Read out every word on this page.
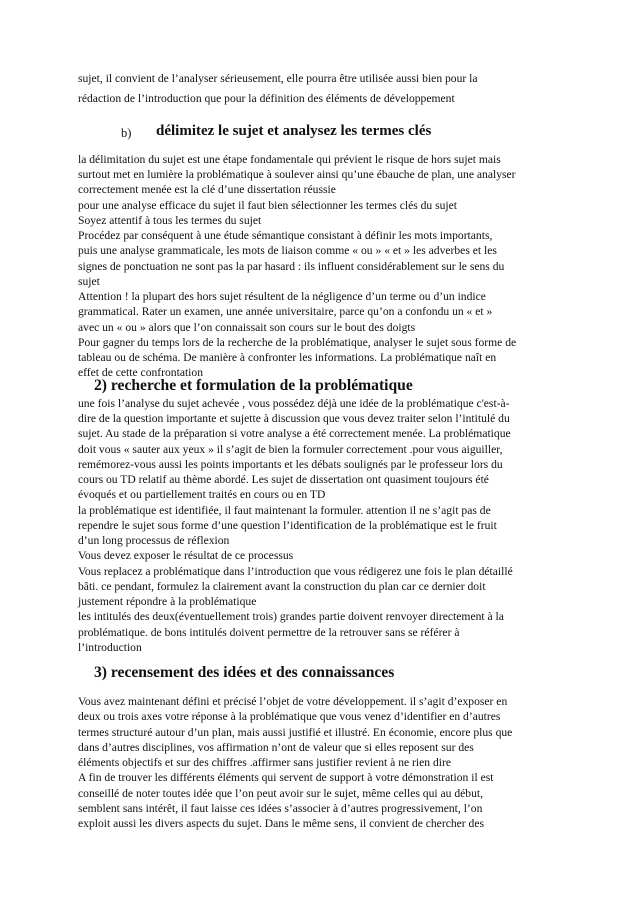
sujet, il convient de l’analyser sérieusement, elle pourra être utilisée aussi bien pour la
rédaction de l’introduction que pour la définition des éléments de développement
b) délimitez le sujet et analysez les termes clés
la délimitation du sujet est une étape fondamentale qui prévient le risque de hors sujet mais
surtout met en lumière la problématique à soulever ainsi qu’une ébauche de plan, une analyser
correctement menée est la clé d’une dissertation réussie
pour une analyse efficace du sujet il faut bien sélectionner les termes clés du sujet
Soyez attentif à tous les termes du sujet
Procédez par conséquent à une étude sémantique consistant à définir les mots importants,
puis une analyse grammaticale, les mots de liaison comme « ou » « et » les adverbes et les
signes de ponctuation ne sont pas la par hasard : ils influent considérablement sur le sens du
sujet
Attention ! la plupart des hors sujet résultent de la négligence d’un terme ou d’un indice
grammatical. Rater un examen, une année universitaire, parce qu’on a confondu un « et »
avec un « ou » alors que l’on connaissait son cours sur le bout des doigts
Pour gagner du temps lors de la recherche de la problématique, analyser le sujet sous forme de
tableau ou de schéma. De manière à confronter les informations. La problématique naît en
effet de cette confrontation
2) recherche et formulation de la problématique
une fois l’analyse du sujet achevée , vous possédez déjà une idée de la problématique c'est-à-
dire de la question importante et sujette à discussion que vous devez traiter selon l’intitulé du
sujet. Au stade de la préparation si votre analyse a été correctement menée. La problématique
doit vous « sauter aux yeux » il s’agit de bien la formuler correctement .pour vous aiguiller,
remémorez-vous aussi les points importants et les débats soulignés par le professeur lors du
cours ou TD relatif au thème abordé. Les sujet de dissertation ont quasiment toujours été
évoqués et ou partiellement traités en cours ou en TD
la problématique est identifiée, il faut maintenant la formuler. attention il ne s’agit pas de
rependre le sujet sous forme d’une question l’identification de la problématique est le fruit
d’un long processus de réflexion
Vous devez exposer le résultat de ce processus
Vous replacez a problématique dans l’introduction que vous rédigerez une fois le plan détaillé
bâti. ce pendant, formulez la clairement avant la construction du plan car ce dernier doit
justement répondre à la problématique
les intitulés des deux(éventuellement trois) grandes partie doivent renvoyer directement à la
problématique. de bons intitulés doivent permettre de la retrouver sans se référer à
l’introduction
3) recensement des idées et des connaissances
Vous avez maintenant défini et précisé l’objet de votre développement. il s’agit d’exposer en
deux ou trois axes votre réponse à la problématique que vous venez d’identifier en d’autres
termes structuré autour d’un plan, mais aussi justifié et illustré. En économie, encore plus que
dans d’autres disciplines, vos affirmation n’ont de valeur que si elles reposent sur des
éléments objectifs et sur des chiffres .affirmer sans justifier revient à ne rien dire
A fin de trouver les différents éléments qui servent de support à votre démonstration il est
conseillé de noter toutes idée que l’on peut avoir sur le sujet, même celles qui au début,
semblent sans intérêt, il faut laisse ces idées s’associer à d’autres progressivement, l’on
exploit aussi les divers aspects du sujet. Dans le même sens, il convient de chercher des
